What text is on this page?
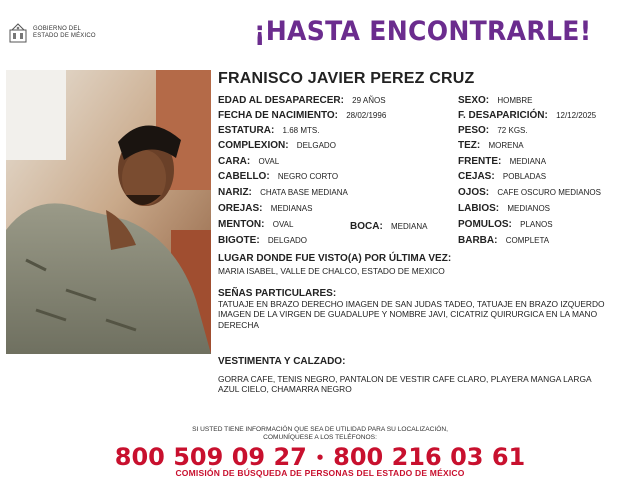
GOBIERNO DEL
ESTADO DE MÉXICO	¡HASTA ENCONTRARLE!
FRANISCO JAVIER PEREZ CRUZ
EDAD AL DESAPARECER: 29 AÑOS
FECHA DE NACIMIENTO: 28/02/1996
ESTATURA: 1.68 MTS.
COMPLEXION: DELGADO
CARA: OVAL
CABELLO: NEGRO CORTO
NARIZ: CHATA BASE MEDIANA
OREJAS: MEDIANAS
MENTON: OVAL	BOCA: MEDIANA
BIGOTE: DELGADO
SEXO: HOMBRE
F. DESAPARICIÓN: 12/12/2025
PESO: 72 KGS.
TEZ: MORENA
FRENTE: MEDIANA
CEJAS: POBLADAS
OJOS: CAFE OSCURO MEDIANOS
LABIOS: MEDIANOS
POMULOS: PLANOS
BARBA: COMPLETA
LUGAR DONDE FUE VISTO(A) POR ÚLTIMA VEZ:
MARIA ISABEL, VALLE DE CHALCO, ESTADO DE MEXICO
SEÑAS PARTICULARES:
TATUAJE EN BRAZO DERECHO IMAGEN DE SAN JUDAS TADEO, TATUAJE EN BRAZO IZQUERDO IMAGEN DE LA VIRGEN DE GUADALUPE Y NOMBRE JAVI, CICATRIZ QUIRURGICA EN LA MANO DERECHA
VESTIMENTA Y CALZADO:
GORRA CAFE, TENIS NEGRO, PANTALON DE VESTIR CAFE CLARO, PLAYERA MANGA LARGA AZUL CIELO, CHAMARRA NEGRO
SI USTED TIENE INFORMACIÓN QUE SEA DE UTILIDAD PARA SU LOCALIZACIÓN,
COMUNÍQUESE A LOS TELÉFONOS:
800 509 09 27 • 800 216 03 61
COMISIÓN DE BÚSQUEDA DE PERSONAS DEL ESTADO DE MÉXICO
